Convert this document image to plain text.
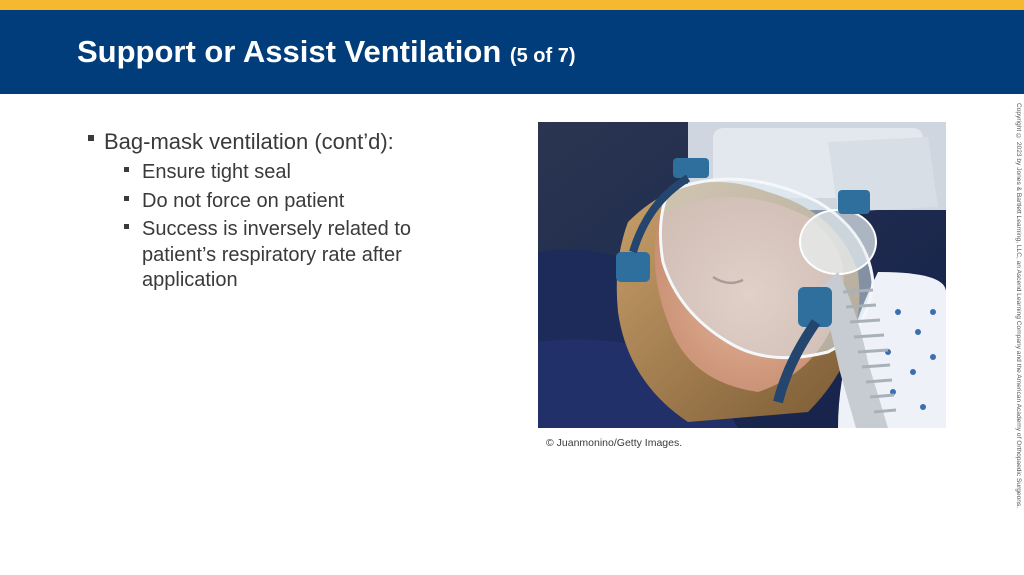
Support or Assist Ventilation (5 of 7)
Bag-mask ventilation (cont’d):
Ensure tight seal
Do not force on patient
Success is inversely related to patient’s respiratory rate after application
© Juanmonino/Getty Images.	Copyright © 2023 by Jones & Bartlett Learning, LLC, an Ascend Learning Company and the American Academy of Orthopaedic Surgeons.
